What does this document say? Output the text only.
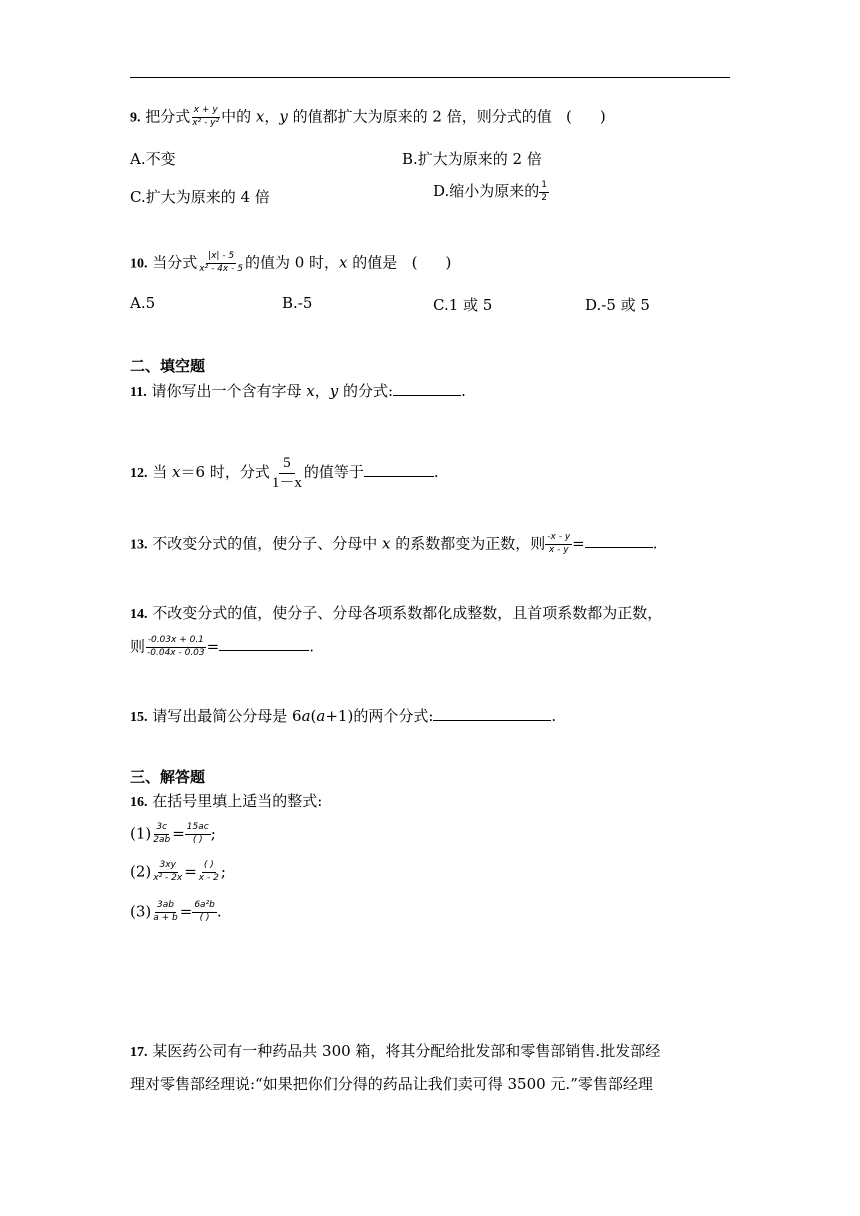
9. 把分式 $\frac{x + y}{\text{x² - y²}}$ 中的 x，y 的值都扩大为原来的 2 倍，则分式的值 ( )
A.不变	B.扩大为原来的 2 倍
C.扩大为原来的 4 倍	D.缩小为原来的 $\frac{1}{2}$
10. 当分式 $\frac{|x| - 5}{\text{x² - 4x - 5}}$ 的值为 0 时，x 的值是 ( )
A.5	B.-5	C.1 或 5	D.-5 或 5
二、填空题
11. 请你写出一个含有字母 x，y 的分式:	.
12. 当 x＝6 时，分式 $\frac{5}{1-x}$ 的值等于	.
13. 不改变分式的值，使分子、分母中 x 的系数都变为正数，则 $\frac{-x - y}{x - y}$ =	.
14. 不改变分式的值，使分子、分母各项系数都化成整数，且首项系数都为正数，
则 $\frac{-0.03x + 0.1}{-0.04x - 0.03}$ =	.
15. 请写出最简公分母是 6a(a+1)的两个分式:	.
三、解答题
16. 在括号里填上适当的整式:
$(1) \frac{3c}{2ab} = \frac{15ac}{( )}$ ;
$(2) \frac{3xy}{\text{x² - 2x}} = \frac{( )}{x - 2}$ ;
$(3) \frac{3ab}{a + b} = \frac{\text{6a²b}}{( )}$ .
17. 某医药公司有一种药品共 300 箱，将其分配给批发部和零售部销售.批发部经
理对零售部经理说:“如果把你们分得的药品让我们卖可得 3500 元.”零售部经理
